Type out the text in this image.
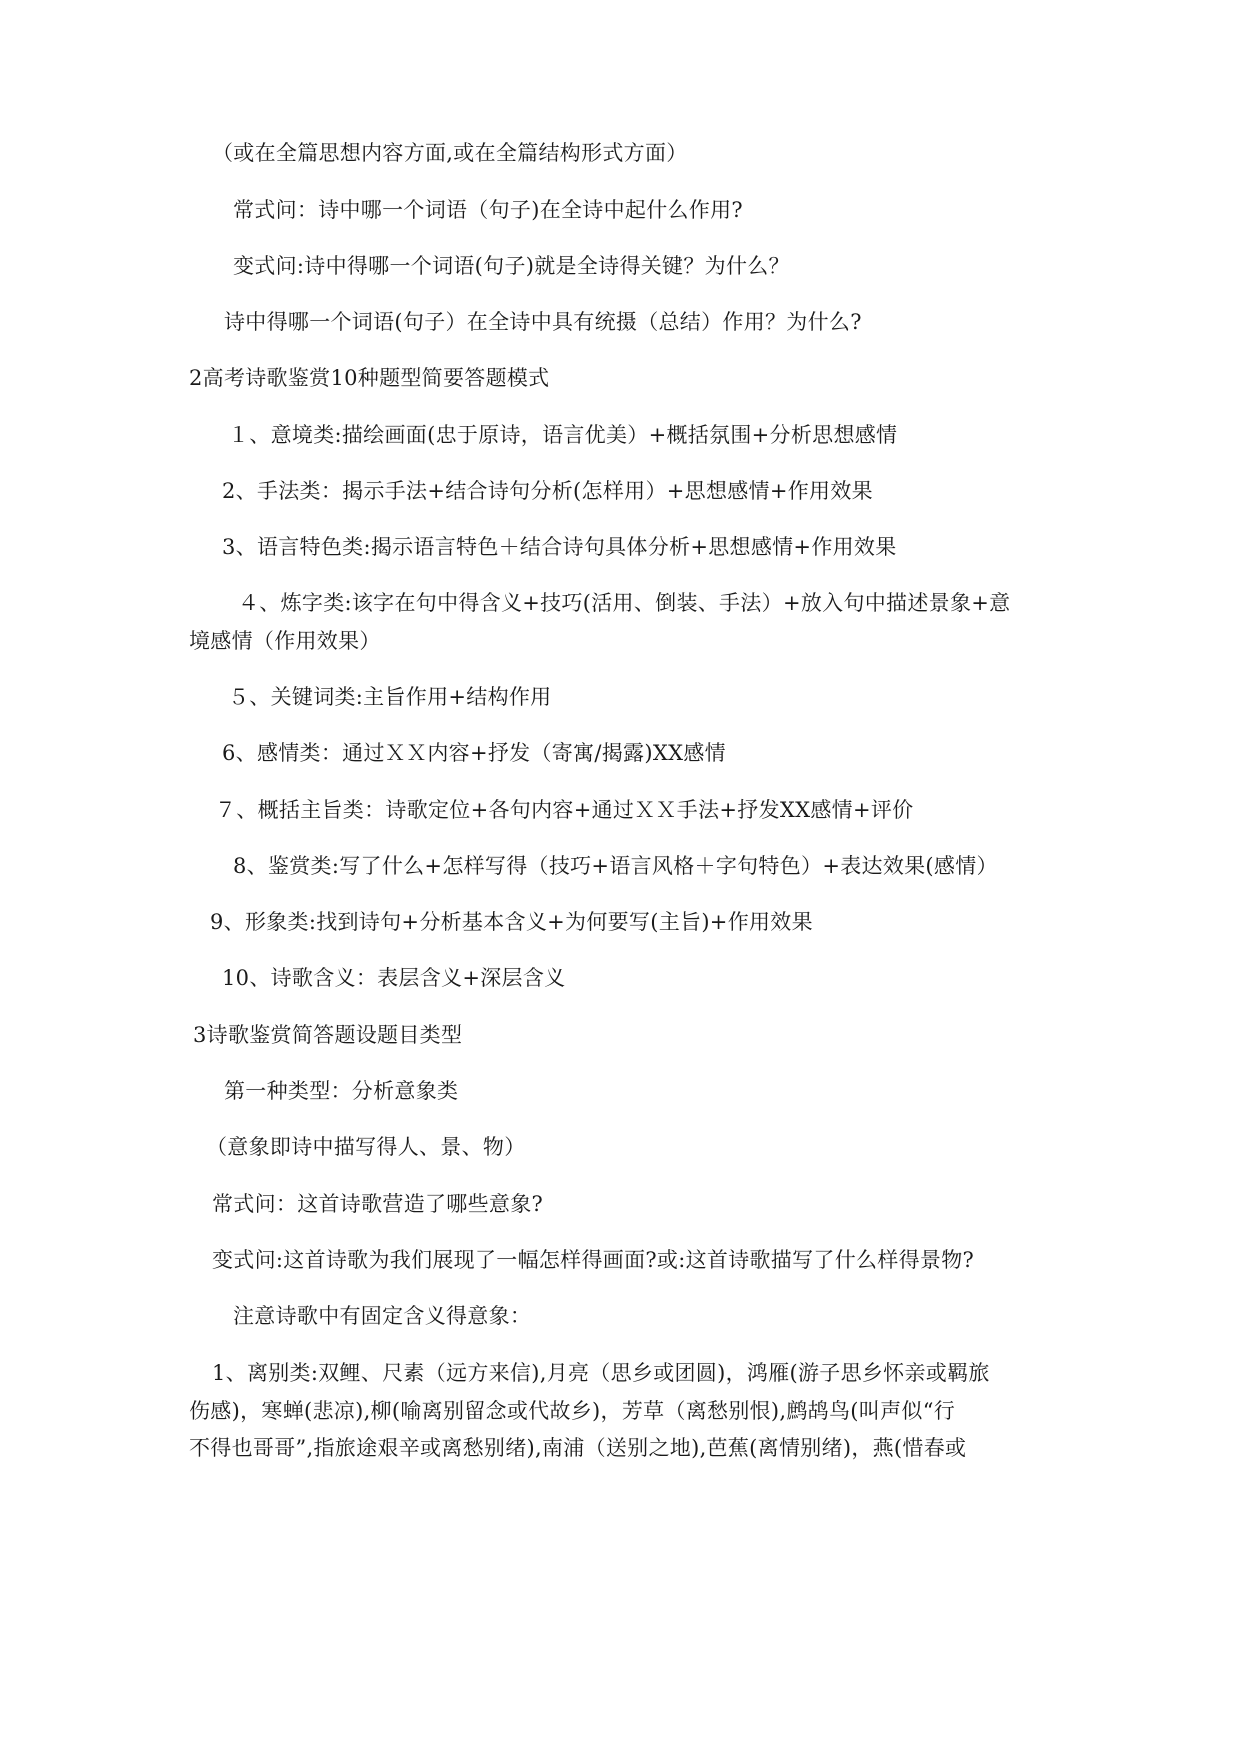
（或在全篇思想内容方面,或在全篇结构形式方面）
常式问：诗中哪一个词语（句子)在全诗中起什么作用?
变式问:诗中得哪一个词语(句子)就是全诗得关键？为什么？
诗中得哪一个词语(句子）在全诗中具有统摄（总结）作用？为什么?
2高考诗歌鉴赏10种题型简要答题模式
１、意境类:描绘画面(忠于原诗，语言优美）+概括氛围+分析思想感情
2、手法类：揭示手法+结合诗句分析(怎样用）+思想感情+作用效果
3、语言特色类:揭示语言特色＋结合诗句具体分析+思想感情+作用效果
４、炼字类:该字在句中得含义+技巧(活用、倒装、手法）+放入句中描述景象+意
境感情（作用效果）
５、关键词类:主旨作用+结构作用
6、感情类：通过ＸＸ内容+抒发（寄寓/揭露)XX感情
７、概括主旨类：诗歌定位+各句内容+通过ＸＸ手法+抒发XX感情+评价
8、鉴赏类:写了什么+怎样写得（技巧+语言风格＋字句特色）+表达效果(感情）
9、形象类:找到诗句+分析基本含义+为何要写(主旨)+作用效果
10、诗歌含义：表层含义+深层含义
3诗歌鉴赏简答题设题目类型
第一种类型：分析意象类
（意象即诗中描写得人、景、物）
常式问：这首诗歌营造了哪些意象?
变式问:这首诗歌为我们展现了一幅怎样得画面?或:这首诗歌描写了什么样得景物?
注意诗歌中有固定含义得意象：
1、离别类:双鲤、尺素（远方来信),月亮（思乡或团圆)，鸿雁(游子思乡怀亲或羁旅
伤感)，寒蝉(悲凉),柳(喻离别留念或代故乡)，芳草（离愁别恨),鹧鸪鸟(叫声似“行
不得也哥哥”,指旅途艰辛或离愁别绪),南浦（送别之地),芭蕉(离情别绪)，燕(惜春或
